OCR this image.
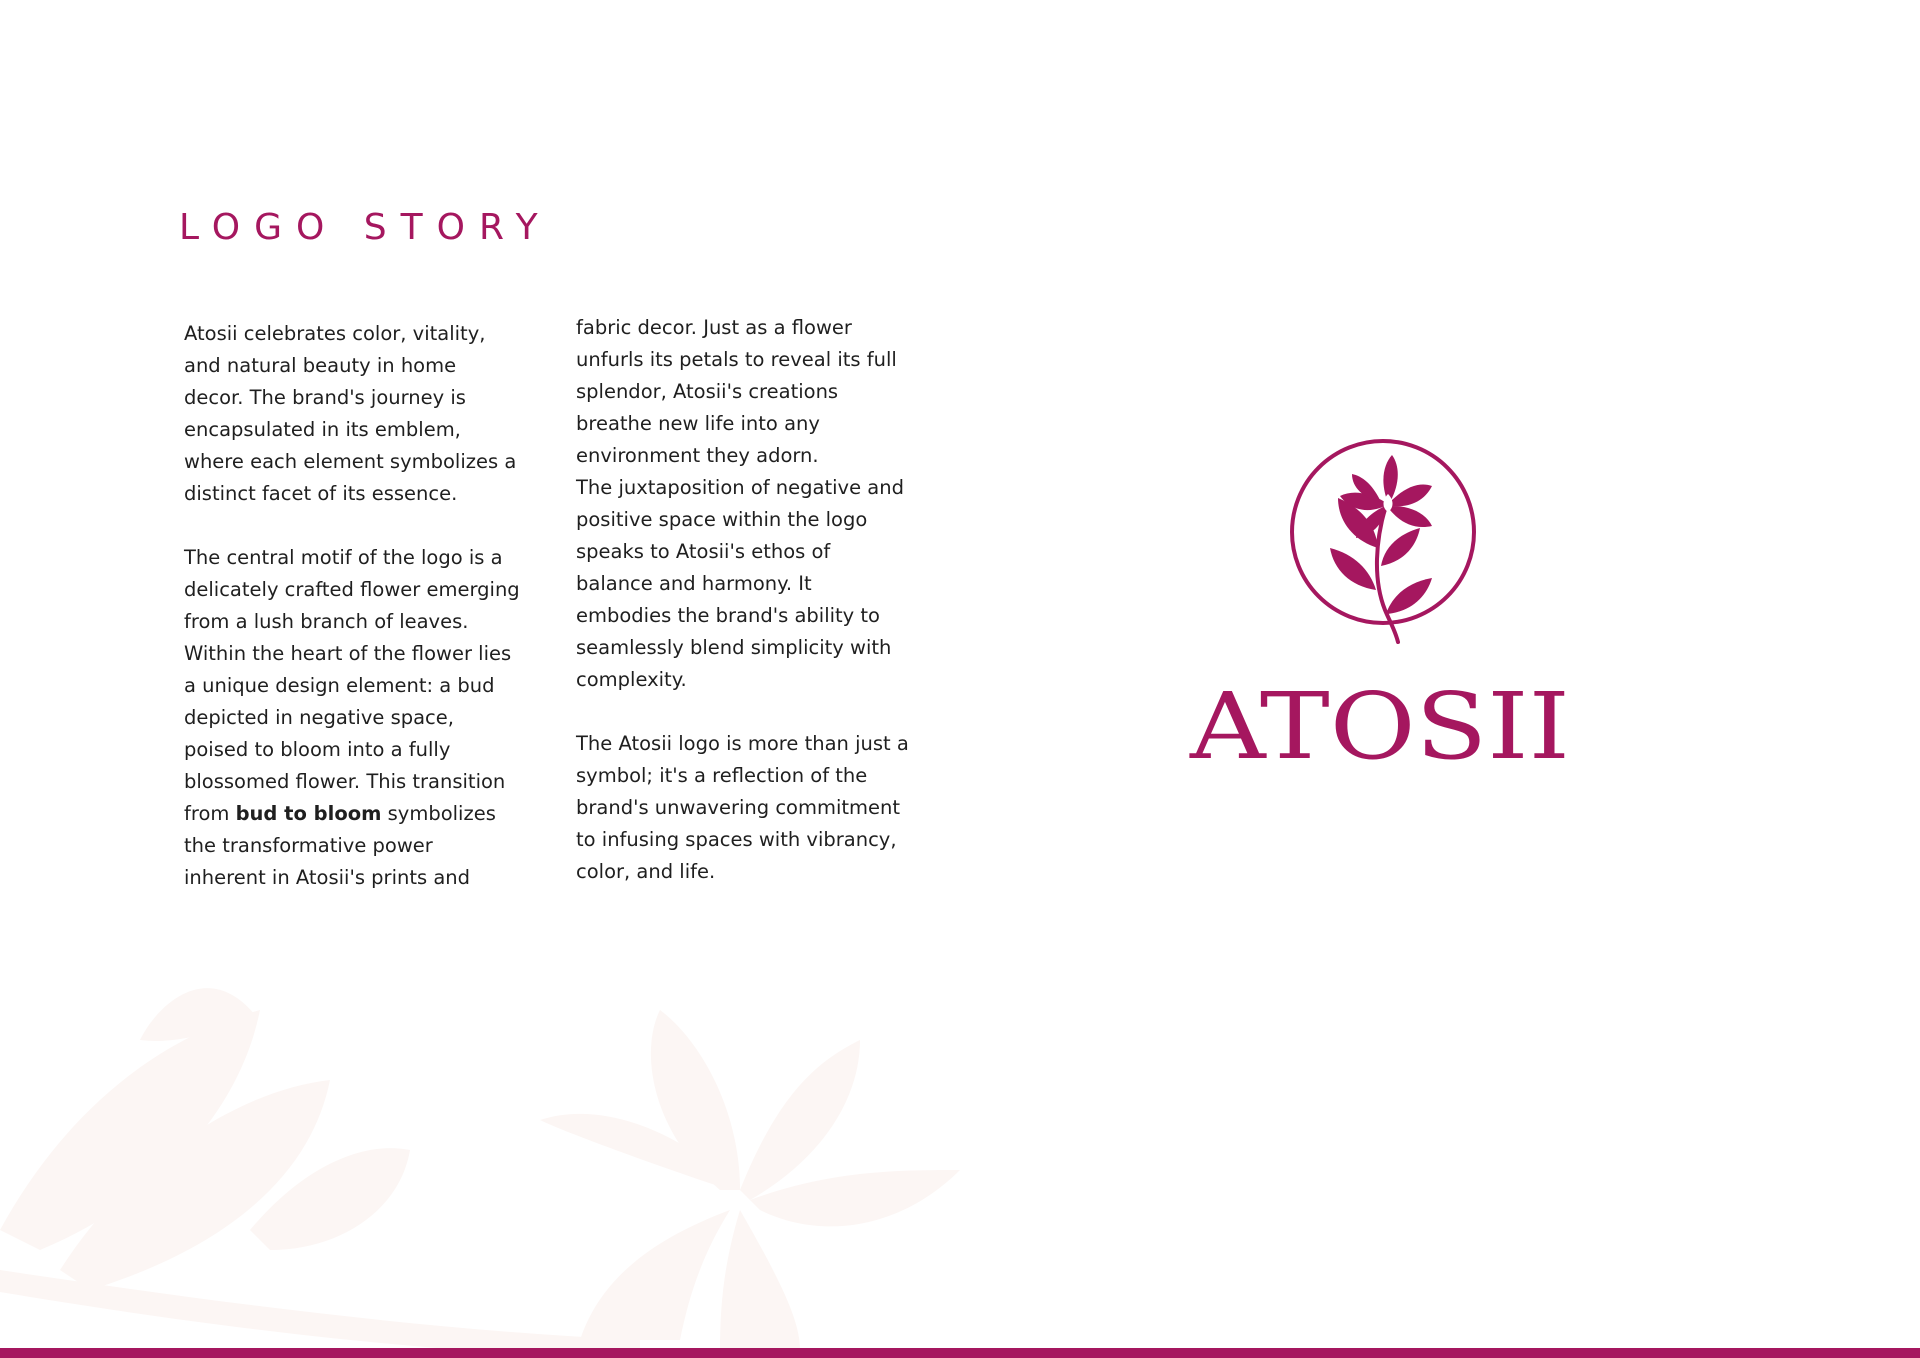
LOGO STORY

Atosii celebrates color, vitality,

and natural beauty in home

decor. The brand's journey is

encapsulated in its emblem,

where each element symbolizes a

distinct facet of its essence.

The central motif of the logo is a

delicately crafted flower emerging

from a lush branch of leaves.

Within the heart of the flower lies

a unique design element: a bud

depicted in negative space,

poised to bloom into a fully

blossomed flower. This transition

from bud to bloom symbolizes

the transformative power

inherent in Atosii's prints and

fabric decor. Just as a flower

unfurls its petals to reveal its full

splendor, Atosii's creations

breathe new life into any

environment they adorn.

The juxtaposition of negative and

positive space within the logo

speaks to Atosii's ethos of

balance and harmony. It

embodies the brand's ability to

seamlessly blend simplicity with

complexity.

The Atosii logo is more than just a

symbol; it's a reflection of the

brand's unwavering commitment

to infusing spaces with vibrancy,

color, and life.

ATOSII
